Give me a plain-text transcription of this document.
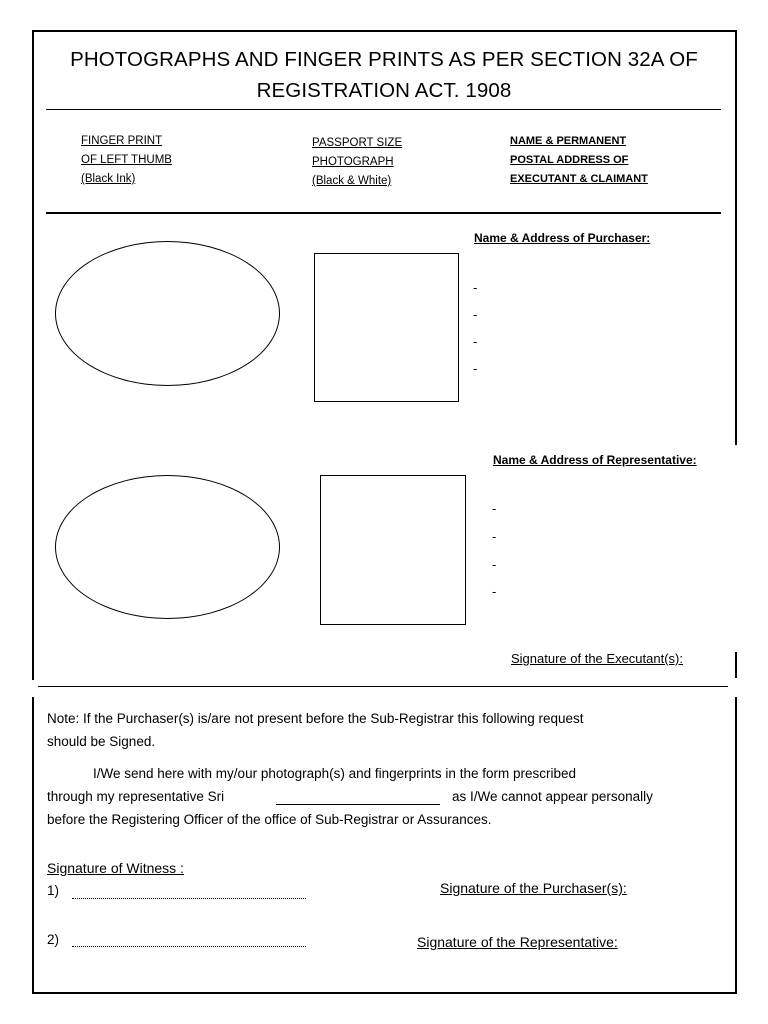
PHOTOGRAPHS AND FINGER PRINTS AS PER SECTION 32A OF
REGISTRATION ACT. 1908
FINGER PRINT
OF LEFT THUMB
(Black Ink)
PASSPORT SIZE
PHOTOGRAPH
(Black & White)
NAME & PERMANENT
POSTAL ADDRESS OF
EXECUTANT & CLAIMANT
Name & Address of Purchaser:
-
-
-
-
Name & Address of Representative:
-
-
-
-
Signature of the Executant(s):
Note: If the Purchaser(s) is/are not present before the Sub-Registrar this following request
should be Signed.
I/We send here with my/our photograph(s) and fingerprints in the form prescribed
through my representative Sri	as I/We cannot appear personally
before the Registering Officer of the office of Sub-Registrar or Assurances.
Signature of Witness :
1)
2)
Signature of the Purchaser(s):
Signature of the Representative:
